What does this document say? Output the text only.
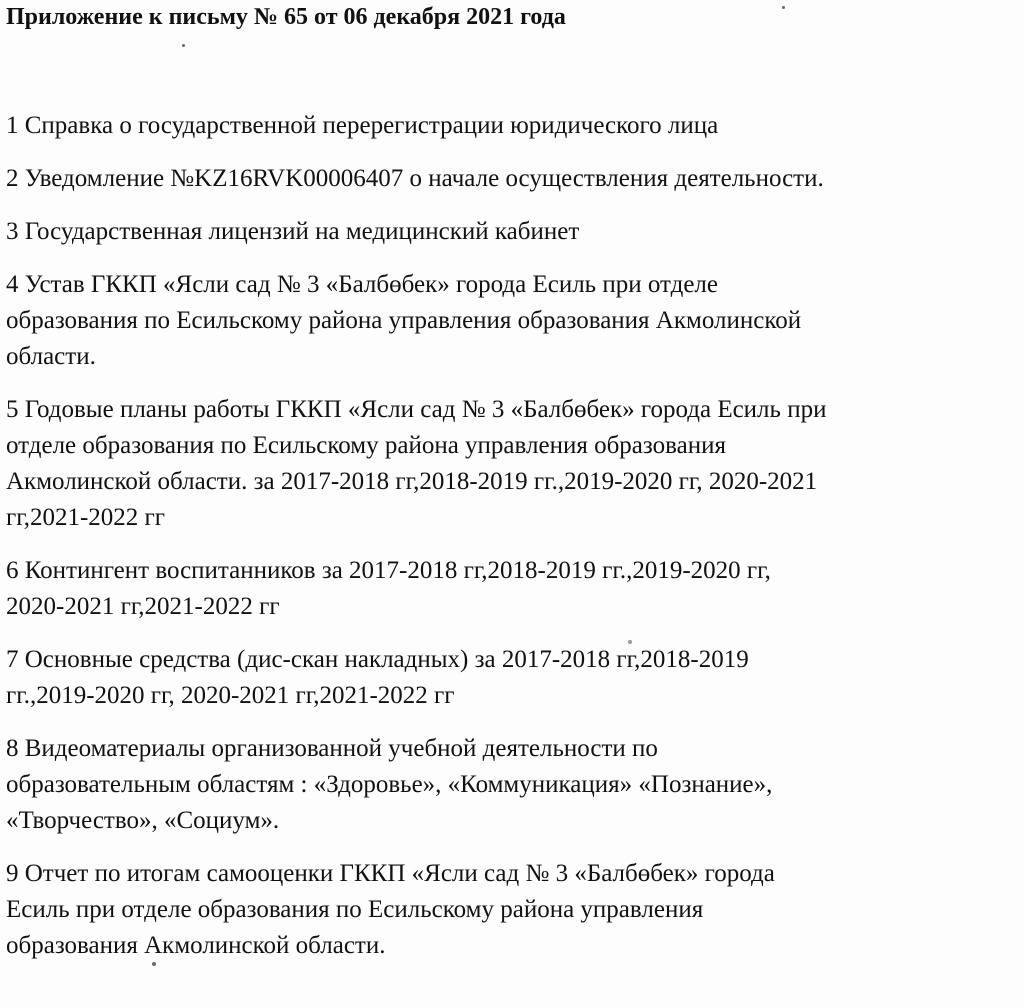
Приложение к письму № 65 от 06 декабря 2021 года
1 Справка о государственной перерегистрации юридического лица
2 Уведомление №KZ16RVK00006407 о начале осуществления деятельности.
3 Государственная лицензий на медицинский кабинет
4 Устав ГККП «Ясли сад № 3 «Балбөбек» города Есиль при отделе
образования по Есильскому района управления образования Акмолинской
области.
5 Годовые планы работы ГККП «Ясли сад № 3 «Балбөбек» города Есиль при
отделе образования по Есильскому района управления образования
Акмолинской области. за 2017-2018 гг,2018-2019 гг.,2019-2020 гг, 2020-2021
гг,2021-2022 гг
6 Контингент воспитанников за 2017-2018 гг,2018-2019 гг.,2019-2020 гг,
2020-2021 гг,2021-2022 гг
7 Основные средства (дис-скан накладных) за 2017-2018 гг,2018-2019
гг.,2019-2020 гг, 2020-2021 гг,2021-2022 гг
8 Видеоматериалы организованной учебной деятельности по
образовательным областям : «Здоровье», «Коммуникация» «Познание»,
«Творчество», «Социум».
9 Отчет по итогам самооценки ГККП «Ясли сад № 3 «Балбөбек» города
Есиль при отделе образования по Есильскому района управления
образования Акмолинской области.
